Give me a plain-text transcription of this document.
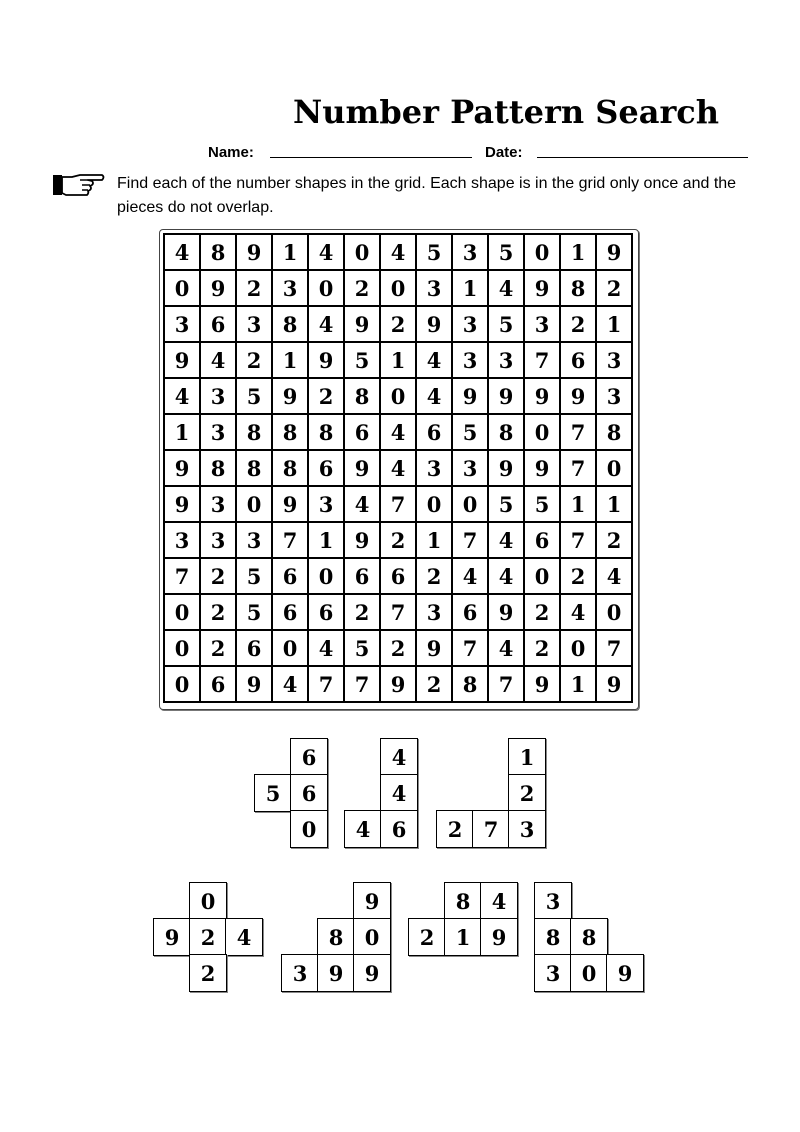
Number Pattern Search
Name:	Date:
Find each of the number shapes in the grid. Each shape is in the grid only once and the pieces do not overlap.
4	8	9	1	4	0	4	5	3	5	0	1	9
0	9	2	3	0	2	0	3	1	4	9	8	2
3	6	3	8	4	9	2	9	3	5	3	2	1
9	4	2	1	9	5	1	4	3	3	7	6	3
4	3	5	9	2	8	0	4	9	9	9	9	3
1	3	8	8	8	6	4	6	5	8	0	7	8
9	8	8	8	6	9	4	3	3	9	9	7	0
9	3	0	9	3	4	7	0	0	5	5	1	1
3	3	3	7	1	9	2	1	7	4	6	7	2
7	2	5	6	0	6	6	2	4	4	0	2	4
0	2	5	6	6	2	7	3	6	9	2	4	0
0	2	6	0	4	5	2	9	7	4	2	0	7
0	6	9	4	7	7	9	2	8	7	9	1	9
6
5	6
0
4
4
4	6
1
2
2	7	3
0
9	2	4
2
9
8	0
3	9	9
8	4
2	1	9
3
8	8
3	0	9
